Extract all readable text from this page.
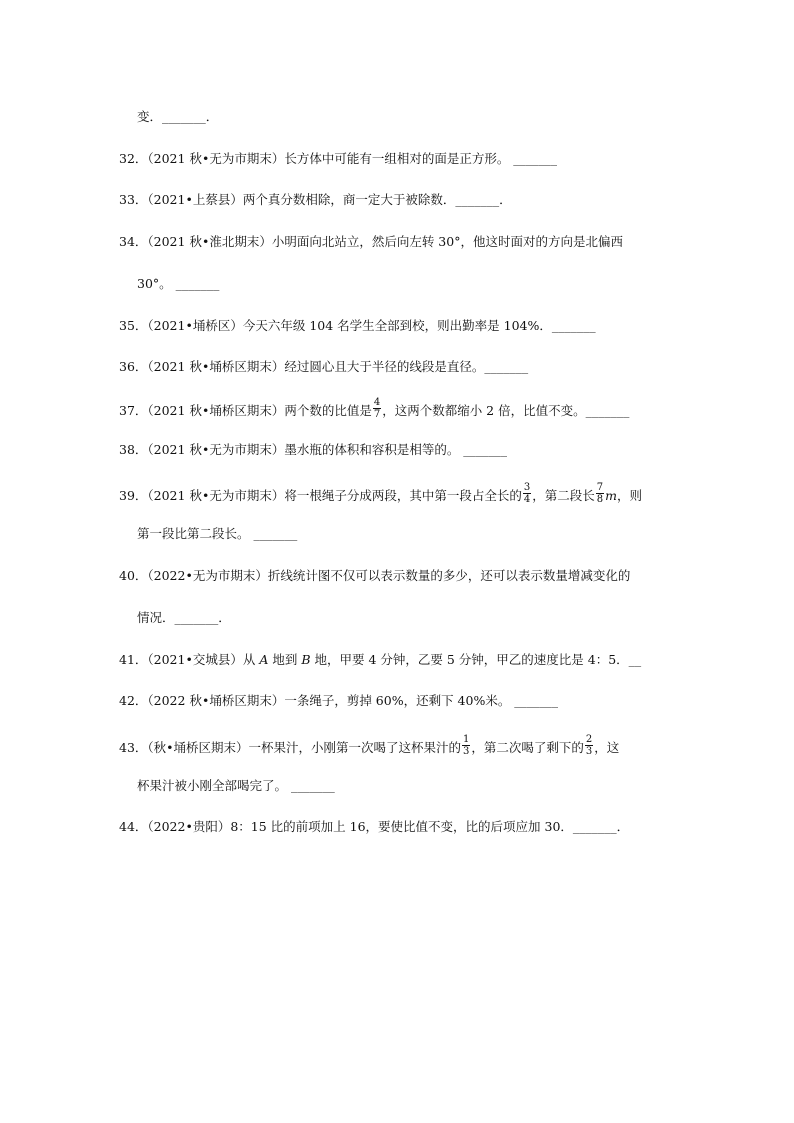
变．_______．
32．（2021 秋•无为市期末）长方体中可能有一组相对的面是正方形。 _______
33．（2021•上蔡县）两个真分数相除，商一定大于被除数．_______．
34．（2021 秋•淮北期末）小明面向北站立，然后向左转 30°，他这时面对的方向是北偏西
30°。 _______
35．（2021•埇桥区）今天六年级 104 名学生全部到校，则出勤率是 104%．_______
36．（2021 秋•埇桥区期末）经过圆心且大于半径的线段是直径。_______
37．（2021 秋•埇桥区期末）两个数的比值是 $\frac{4}{7}$ ，这两个数都缩小 2 倍，比值不变。_______
38．（2021 秋•无为市期末）墨水瓶的体积和容积是相等的。 _______
39．（2021 秋•无为市期末）将一根绳子分成两段，其中第一段占全长的 $\frac{3}{4}$ ，第二段长 $\frac{7}{8}$ m，则
第一段比第二段长。 _______
40．（2022•无为市期末）折线统计图不仅可以表示数量的多少，还可以表示数量增减变化的
情况．_______．
41．（2021•交城县）从 A 地到 B 地，甲要 4 分钟，乙要 5 分钟，甲乙的速度比是 4：5．__
42．（2022 秋•埇桥区期末）一条绳子，剪掉 60%，还剩下 40%米。 _______
43．（秋•埇桥区期末）一杯果汁，小刚第一次喝了这杯果汁的 $\frac{1}{3}$ ，第二次喝了剩下的 $\frac{2}{3}$ ，这
杯果汁被小刚全部喝完了。 _______
44．（2022•贵阳）8：15 比的前项加上 16，要使比值不变，比的后项应加 30．_______．
